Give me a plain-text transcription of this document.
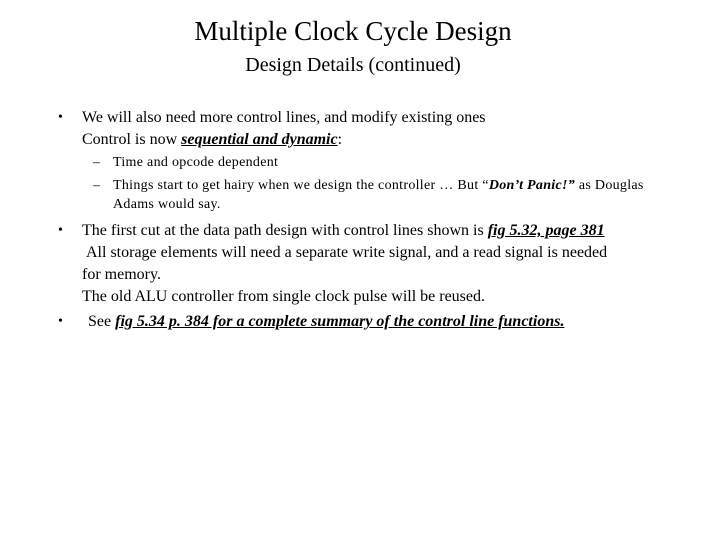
Multiple Clock Cycle Design
Design Details (continued)
• We will also need more control lines, and modify existing ones
Control is now sequential and dynamic:
– Time and opcode dependent
– Things start to get hairy when we design the controller … But “Don’t Panic!” as Douglas
Adams would say.
• The first cut at the data path design with control lines shown is fig 5.32, page 381
All storage elements will need a separate write signal, and a read signal is needed
for memory.
The old ALU controller from single clock pulse will be reused.
•	See fig 5.34 p. 384 for a complete summary of the control line functions.
